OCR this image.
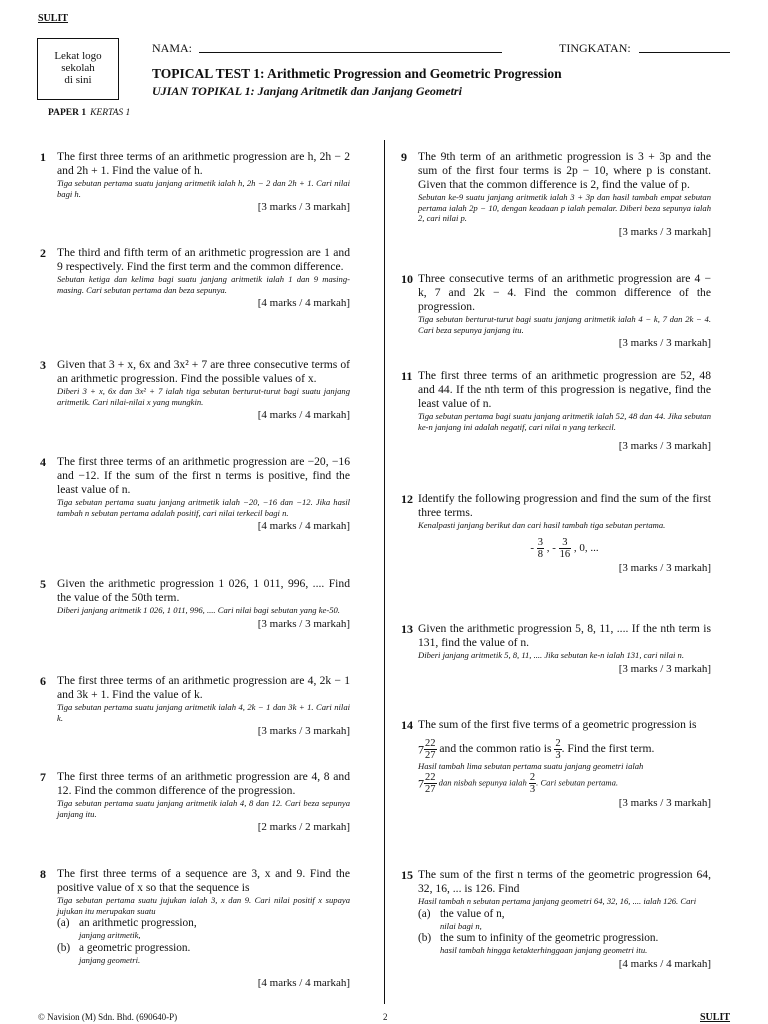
SULIT
Lekat logo
sekolah
di sini
NAMA:	TINGKATAN:
TOPICAL TEST 1: Arithmetic Progression and Geometric Progression
UJIAN TOPIKAL 1: Janjang Aritmetik dan Janjang Geometri
PAPER 1 KERTAS 1
1 The first three terms of an arithmetic progression are h, 2h − 2 and 2h + 1. Find the value of h.
Tiga sebutan pertama suatu janjang aritmetik ialah h, 2h − 2 dan 2h + 1. Cari nilai bagi h.
[3 marks / 3 markah]
2 The third and fifth term of an arithmetic progression are 1 and 9 respectively. Find the first term and the common difference.
Sebutan ketiga dan kelima bagi suatu janjang aritmetik ialah 1 dan 9 masing-masing. Cari sebutan pertama dan beza sepunya.
[4 marks / 4 markah]
3 Given that 3 + x, 6x and 3x² + 7 are three consecutive terms of an arithmetic progression. Find the possible values of x.
Diberi 3 + x, 6x dan 3x² + 7 ialah tiga sebutan berturut-turut bagi suatu janjang aritmetik. Cari nilai-nilai x yang mungkin.
[4 marks / 4 markah]
4 The first three terms of an arithmetic progression are −20, −16 and −12. If the sum of the first n terms is positive, find the least value of n.
Tiga sebutan pertama suatu janjang aritmetik ialah −20, −16 dan −12. Jika hasil tambah n sebutan pertama adalah positif, cari nilai terkecil bagi n.
[4 marks / 4 markah]
5 Given the arithmetic progression 1 026, 1 011, 996, .... Find the value of the 50th term.
Diberi janjang aritmetik 1 026, 1 011, 996, .... Cari nilai bagi sebutan yang ke-50.
[3 marks / 3 markah]
6 The first three terms of an arithmetic progression are 4, 2k − 1 and 3k + 1. Find the value of k.
Tiga sebutan pertama suatu janjang aritmetik ialah 4, 2k − 1 dan 3k + 1. Cari nilai k.
[3 marks / 3 markah]
7 The first three terms of an arithmetic progression are 4, 8 and 12. Find the common difference of the progression.
Tiga sebutan pertama suatu janjang aritmetik ialah 4, 8 dan 12. Cari beza sepunya janjang itu.
[2 marks / 2 markah]
8 The first three terms of a sequence are 3, x and 9. Find the positive value of x so that the sequence is
Tiga sebutan pertama suatu jujukan ialah 3, x dan 9. Cari nilai positif x supaya jujukan itu merupakan suatu
(a) an arithmetic progression,
janjang aritmetik,
(b) a geometric progression.
janjang geometri.
[4 marks / 4 markah]
9 The 9th term of an arithmetic progression is 3 + 3p and the sum of the first four terms is 2p − 10, where p is constant. Given that the common difference is 2, find the value of p.
Sebutan ke-9 suatu janjang aritmetik ialah 3 + 3p dan hasil tambah empat sebutan pertama ialah 2p − 10, dengan keadaan p ialah pemalar. Diberi beza sepunya ialah 2, cari nilai p.
[3 marks / 3 markah]
10 Three consecutive terms of an arithmetic progression are 4 − k, 7 and 2k − 4. Find the common difference of the progression.
Tiga sebutan berturut-turut bagi suatu janjang aritmetik ialah 4 − k, 7 dan 2k − 4. Cari beza sepunya janjang itu.
[3 marks / 3 markah]
11 The first three terms of an arithmetic progression are 52, 48 and 44. If the nth term of this progression is negative, find the least value of n.
Tiga sebutan pertama bagi suatu janjang aritmetik ialah 52, 48 dan 44. Jika sebutan ke-n janjang ini adalah negatif, cari nilai n yang terkecil.
[3 marks / 3 markah]
12 Identify the following progression and find the sum of the first three terms.
Kenalpasti janjang berikut dan cari hasil tambah tiga sebutan pertama.
- $\frac{3}{8}$ , - $\frac{3}{16}$ , 0, ...
[3 marks / 3 markah]
13 Given the arithmetic progression 5, 8, 11, .... If the nth term is 131, find the value of n.
Diberi janjang aritmetik 5, 8, 11, .... Jika sebutan ke-n ialah 131, cari nilai n.
[3 marks / 3 markah]
14 The sum of the first five terms of a geometric progression is
$7 \frac{22}{27}$ and the common ratio is $\frac{2}{3}$ . Find the first term.
Hasil tambah lima sebutan pertama suatu janjang geometri ialah
$7 \frac{22}{27}$ dan nisbah sepunya ialah $\frac{2}{3}$ . Cari sebutan pertama.
[3 marks / 3 markah]
15 The sum of the first n terms of the geometric progression 64, 32, 16, ... is 126. Find
Hasil tambah n sebutan pertama janjang geometri 64, 32, 16, .... ialah 126. Cari
(a) the value of n,
nilai bagi n,
(b) the sum to infinity of the geometric progression.
hasil tambah hingga ketakterhinggaan janjang geometri itu.
[4 marks / 4 markah]
© Navision (M) Sdn. Bhd. (690640-P)	2	SULIT
